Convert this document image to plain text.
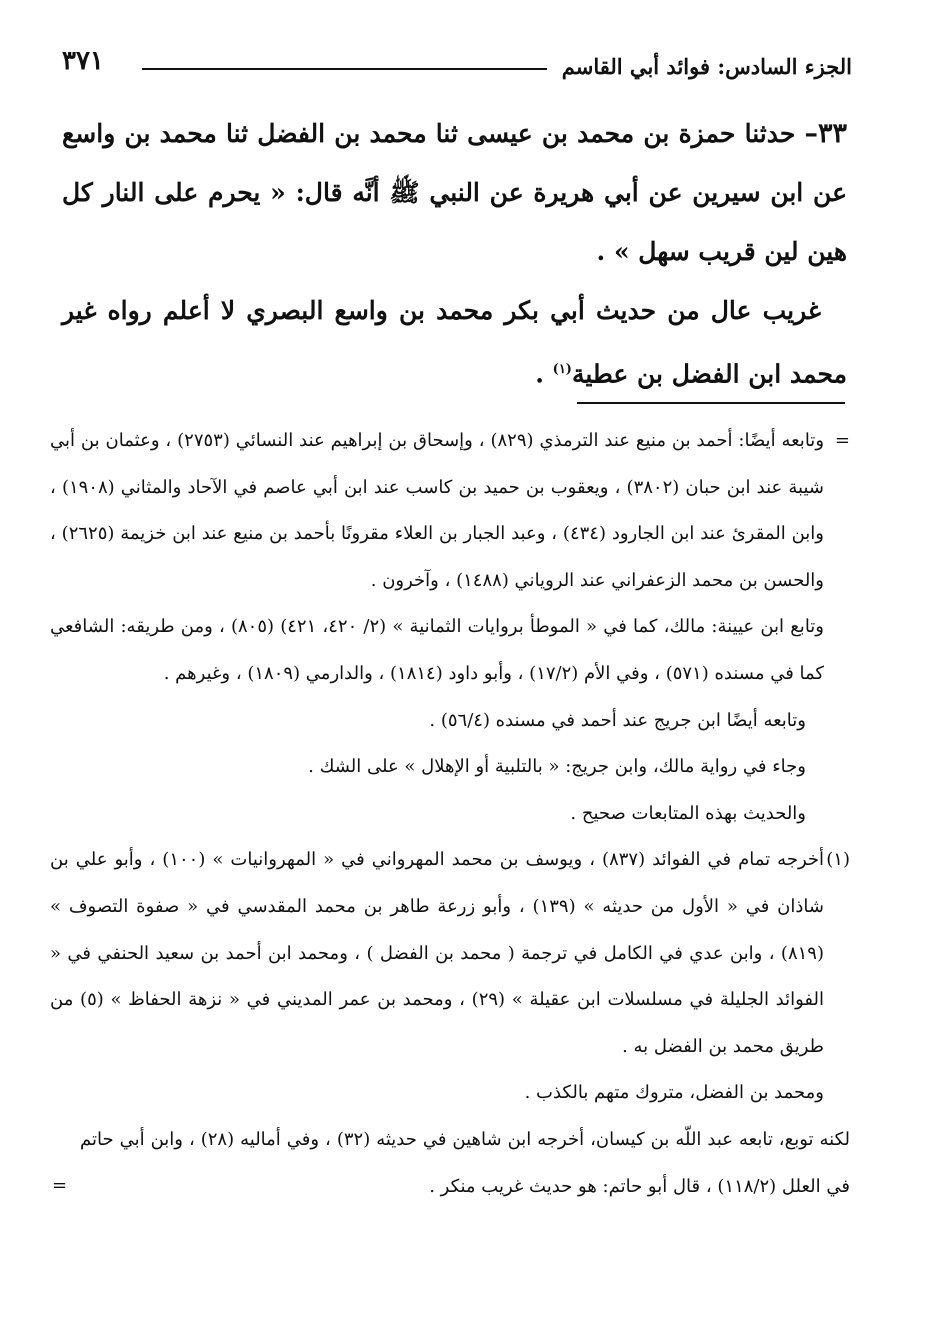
الجزء السادس: فوائد أبي القاسم
٣٧١

٣٣– حدثنا حمزة بن محمد بن عيسى ثنا محمد بن الفضل ثنا محمد بن واسع عن ابن سيرين عن أبي هريرة عن النبي ﷺ أنَّه قال: « يحرم على النار كل هين لين قريب سهل » .

غريب عال من حديث أبي بكر محمد بن واسع البصري لا أعلم رواه غير محمد ابن الفضل بن عطية$^{(١)}$ .

=
وتابعه أيضًا: أحمد بن منيع عند الترمذي (٨٢٩) ، وإسحاق بن إبراهيم عند النسائي (٢٧٥٣) ، وعثمان بن أبي شيبة عند ابن حبان (٣٨٠٢) ، ويعقوب بن حميد بن كاسب عند ابن أبي عاصم في الآحاد والمثاني (١٩٠٨) ، وابن المقرئ عند ابن الجارود (٤٣٤) ، وعبد الجبار بن العلاء مقرونًا بأحمد بن منيع عند ابن خزيمة (٢٦٢٥) ، والحسن بن محمد الزعفراني عند الروياني (١٤٨٨) ، وآخرون .

وتابع ابن عيينة: مالك، كما في « الموطأ بروايات الثمانية » (٢/ ٤٢٠، ٤٢١) (٨٠٥) ، ومن طريقه: الشافعي كما في مسنده (٥٧١) ، وفي الأم (١٧/٢) ، وأبو داود (١٨١٤) ، والدارمي (١٨٠٩) ، وغيرهم .

وتابعه أيضًا ابن جريج عند أحمد في مسنده (٥٦/٤) .

وجاء في رواية مالك، وابن جريج: « بالتلبية أو الإهلال » على الشك .

والحديث بهذه المتابعات صحيح .

(١)
أخرجه تمام في الفوائد (٨٣٧) ، ويوسف بن محمد المهرواني في « المهروانيات » (١٠٠) ، وأبو علي بن شاذان في « الأول من حديثه » (١٣٩) ، وأبو زرعة طاهر بن محمد المقدسي في « صفوة التصوف » (٨١٩) ، وابن عدي في الكامل في ترجمة ( محمد بن الفضل ) ، ومحمد ابن أحمد بن سعيد الحنفي في « الفوائد الجليلة في مسلسلات ابن عقيلة » (٢٩) ، ومحمد بن عمر المديني في « نزهة الحفاظ » (٥) من طريق محمد بن الفضل به .

ومحمد بن الفضل، متروك متهم بالكذب .

لكنه توبع، تابعه عبد اللّه بن كيسان، أخرجه ابن شاهين في حديثه (٣٢) ، وفي أماليه (٢٨) ، وابن أبي حاتم في العلل (١١٨/٢) ، قال أبو حاتم: هو حديث غريب منكر .
=
